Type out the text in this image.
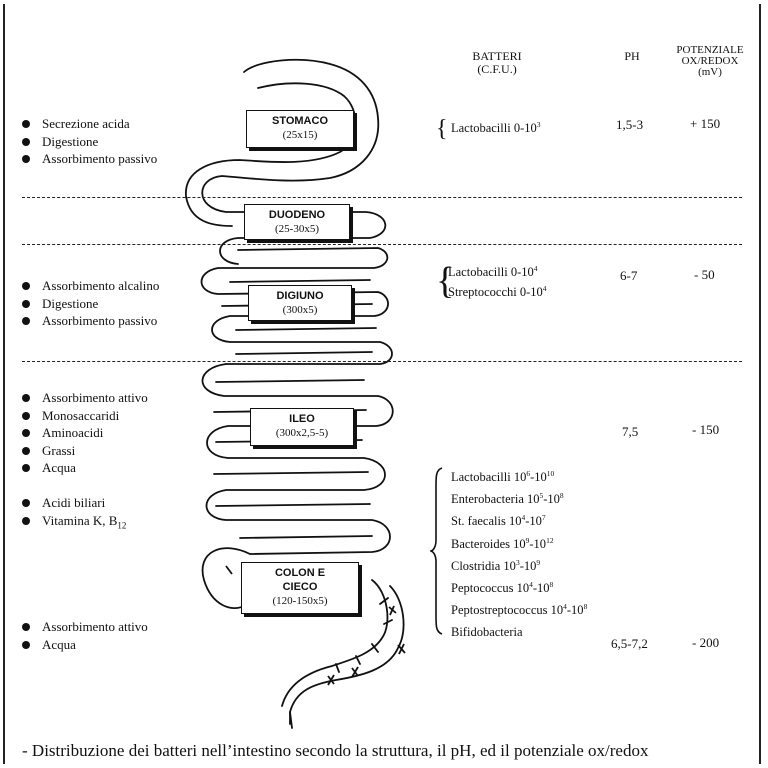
BATTERI
(C.F.U.)
PH	POTENZIALE
OX/REDOX
(mV)
STOMACO
(25x15)
DUODENO
(25-30x5)
DIGIUNO
(300x5)
ILEO
(300x2,5-5)
COLON E
CIECO
(120-150x5)
Secrezione acida
Digestione
Assorbimento passivo
Assorbimento alcalino
Digestione
Assorbimento passivo
Assorbimento attivo
Monosaccaridi
Aminoacidi
Grassi
Acqua
Acidi biliari
Vitamina K, $B_{12}$
Assorbimento attivo
Acqua
{ Lactobacilli $0-10^3$
{
Lactobacilli $0-10^4$
Streptococchi $0-10^4$
Lactobacilli $10^6-10^{10}$
Enterobacteria $10^5-10^8$
St. faecalis $10^4-10^7$
Bacteroides $10^9-10^{12}$
Clostridia $10^3-10^9$
Peptococcus $10^4-10^8$
Peptostreptococcus $10^4-10^8$
Bifidobacteria
1,5-3
6-7
7,5
6,5-7,2
+ 150
- 50
- 150
- 200
- Distribuzione dei batteri nell’intestino secondo la struttura, il pH, ed il potenziale ox/redox
